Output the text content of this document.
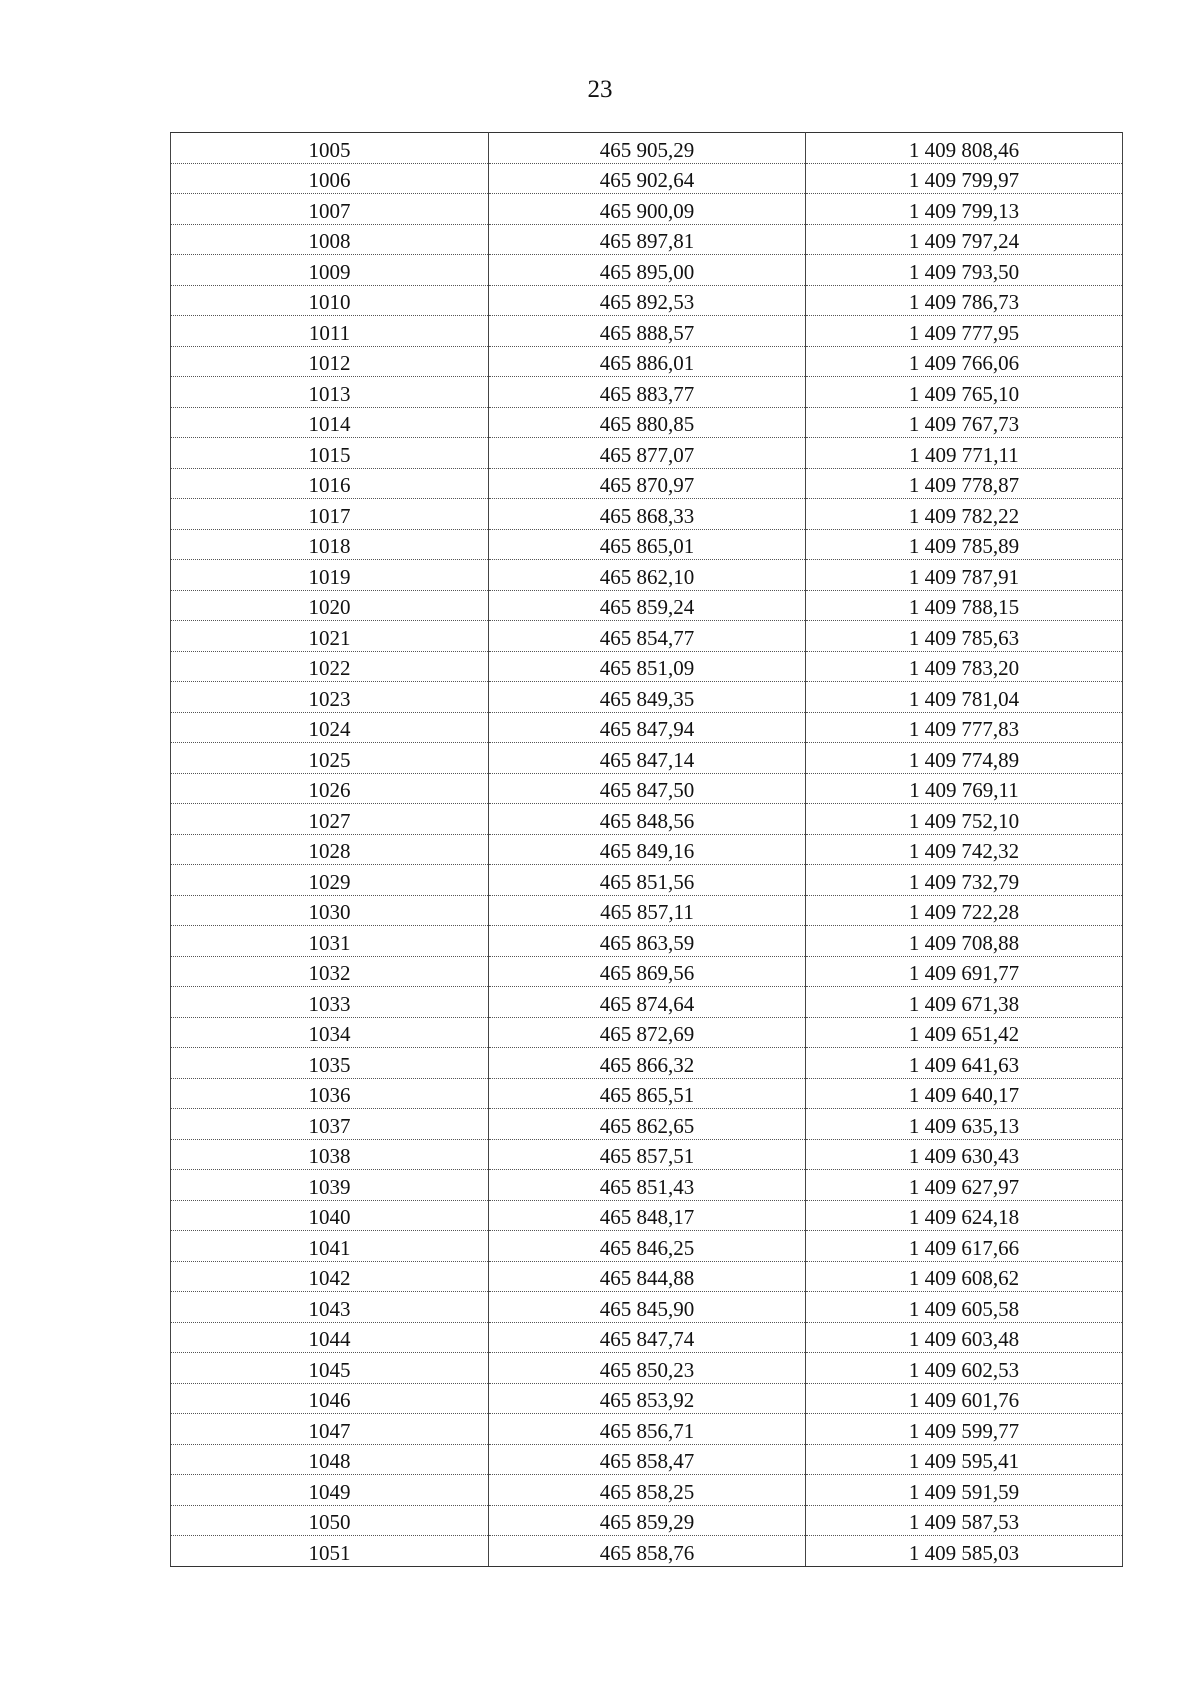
23
1005	465 905,29	1 409 808,46
1006	465 902,64	1 409 799,97
1007	465 900,09	1 409 799,13
1008	465 897,81	1 409 797,24
1009	465 895,00	1 409 793,50
1010	465 892,53	1 409 786,73
1011	465 888,57	1 409 777,95
1012	465 886,01	1 409 766,06
1013	465 883,77	1 409 765,10
1014	465 880,85	1 409 767,73
1015	465 877,07	1 409 771,11
1016	465 870,97	1 409 778,87
1017	465 868,33	1 409 782,22
1018	465 865,01	1 409 785,89
1019	465 862,10	1 409 787,91
1020	465 859,24	1 409 788,15
1021	465 854,77	1 409 785,63
1022	465 851,09	1 409 783,20
1023	465 849,35	1 409 781,04
1024	465 847,94	1 409 777,83
1025	465 847,14	1 409 774,89
1026	465 847,50	1 409 769,11
1027	465 848,56	1 409 752,10
1028	465 849,16	1 409 742,32
1029	465 851,56	1 409 732,79
1030	465 857,11	1 409 722,28
1031	465 863,59	1 409 708,88
1032	465 869,56	1 409 691,77
1033	465 874,64	1 409 671,38
1034	465 872,69	1 409 651,42
1035	465 866,32	1 409 641,63
1036	465 865,51	1 409 640,17
1037	465 862,65	1 409 635,13
1038	465 857,51	1 409 630,43
1039	465 851,43	1 409 627,97
1040	465 848,17	1 409 624,18
1041	465 846,25	1 409 617,66
1042	465 844,88	1 409 608,62
1043	465 845,90	1 409 605,58
1044	465 847,74	1 409 603,48
1045	465 850,23	1 409 602,53
1046	465 853,92	1 409 601,76
1047	465 856,71	1 409 599,77
1048	465 858,47	1 409 595,41
1049	465 858,25	1 409 591,59
1050	465 859,29	1 409 587,53
1051	465 858,76	1 409 585,03
